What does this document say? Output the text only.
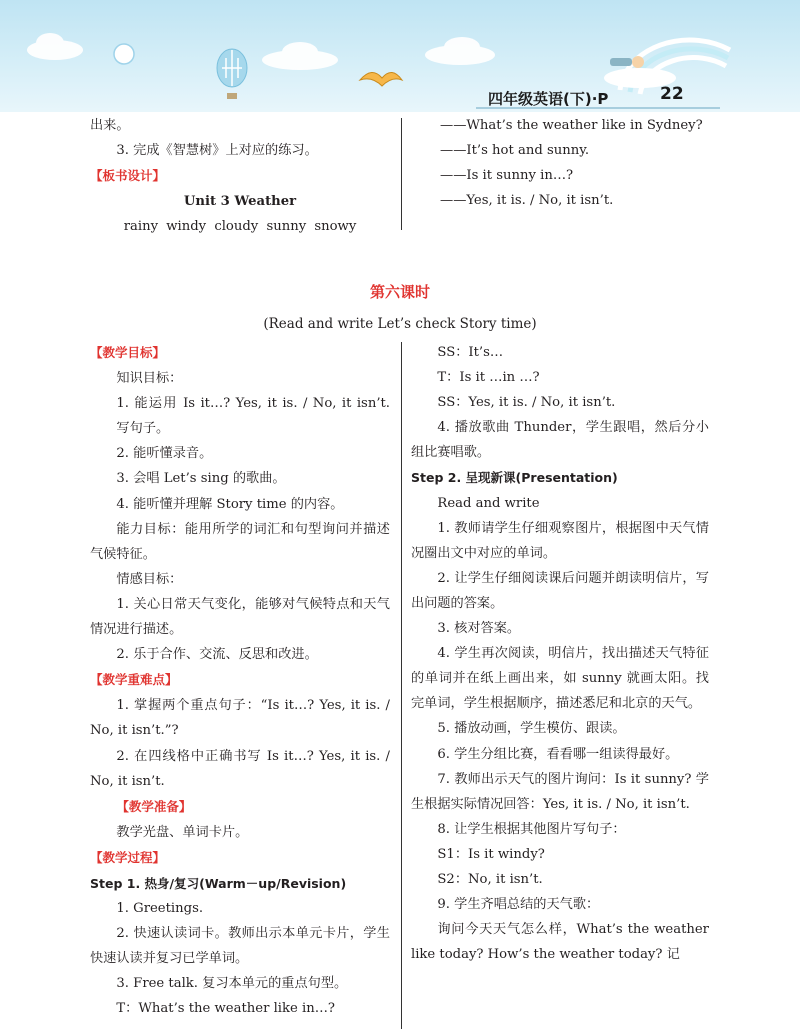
四年级英语(下)·P	22

出来。

3. 完成《智慧树》上对应的练习。

【板书设计】

Unit 3 Weather

rainy windy cloudy sunny snowy

——What’s the weather like in Sydney?

——It’s hot and sunny.

——Is it sunny in…?

——Yes, it is. / No, it isn’t.

第六课时
(Read and write Let’s check Story time)

【教学目标】

知识目标：

1. 能运用 Is it…? Yes, it is. / No, it isn’t. 写句子。

2. 能听懂录音。

3. 会唱 Let’s sing 的歌曲。

4. 能听懂并理解 Story time 的内容。

能力目标：能用所学的词汇和句型询问并描述气候特征。

情感目标：

1. 关心日常天气变化，能够对气候特点和天气情况进行描述。

2. 乐于合作、交流、反思和改进。

【教学重难点】

1. 掌握两个重点句子：“Is it…? Yes, it is. / No, it isn’t.”?

2. 在四线格中正确书写 Is it…? Yes, it is. / No, it isn’t.

【教学准备】

教学光盘、单词卡片。

【教学过程】

Step 1. 热身/复习(Warm－up/Revision)

1. Greetings.

2. 快速认读词卡。教师出示本单元卡片，学生快速认读并复习已学单词。

3. Free talk. 复习本单元的重点句型。

T：What’s the weather like in…?

SS：It’s…

T：Is it …in …?

SS：Yes, it is. / No, it isn’t.

4. 播放歌曲 Thunder，学生跟唱，然后分小组比赛唱歌。

Step 2. 呈现新课(Presentation)

Read and write

1. 教师请学生仔细观察图片，根据图中天气情况圈出文中对应的单词。

2. 让学生仔细阅读课后问题并朗读明信片，写出问题的答案。

3. 核对答案。

4. 学生再次阅读，明信片，找出描述天气特征的单词并在纸上画出来，如 sunny 就画太阳。找完单词，学生根据顺序，描述悉尼和北京的天气。

5. 播放动画，学生模仿、跟读。

6. 学生分组比赛，看看哪一组读得最好。

7. 教师出示天气的图片询问：Is it sunny? 学生根据实际情况回答：Yes, it is. / No, it isn’t.

8. 让学生根据其他图片写句子：

S1：Is it windy?

S2：No, it isn’t.

9. 学生齐唱总结的天气歌：

询问今天天气怎么样，What’s the weather like today? How’s the weather today? 记
